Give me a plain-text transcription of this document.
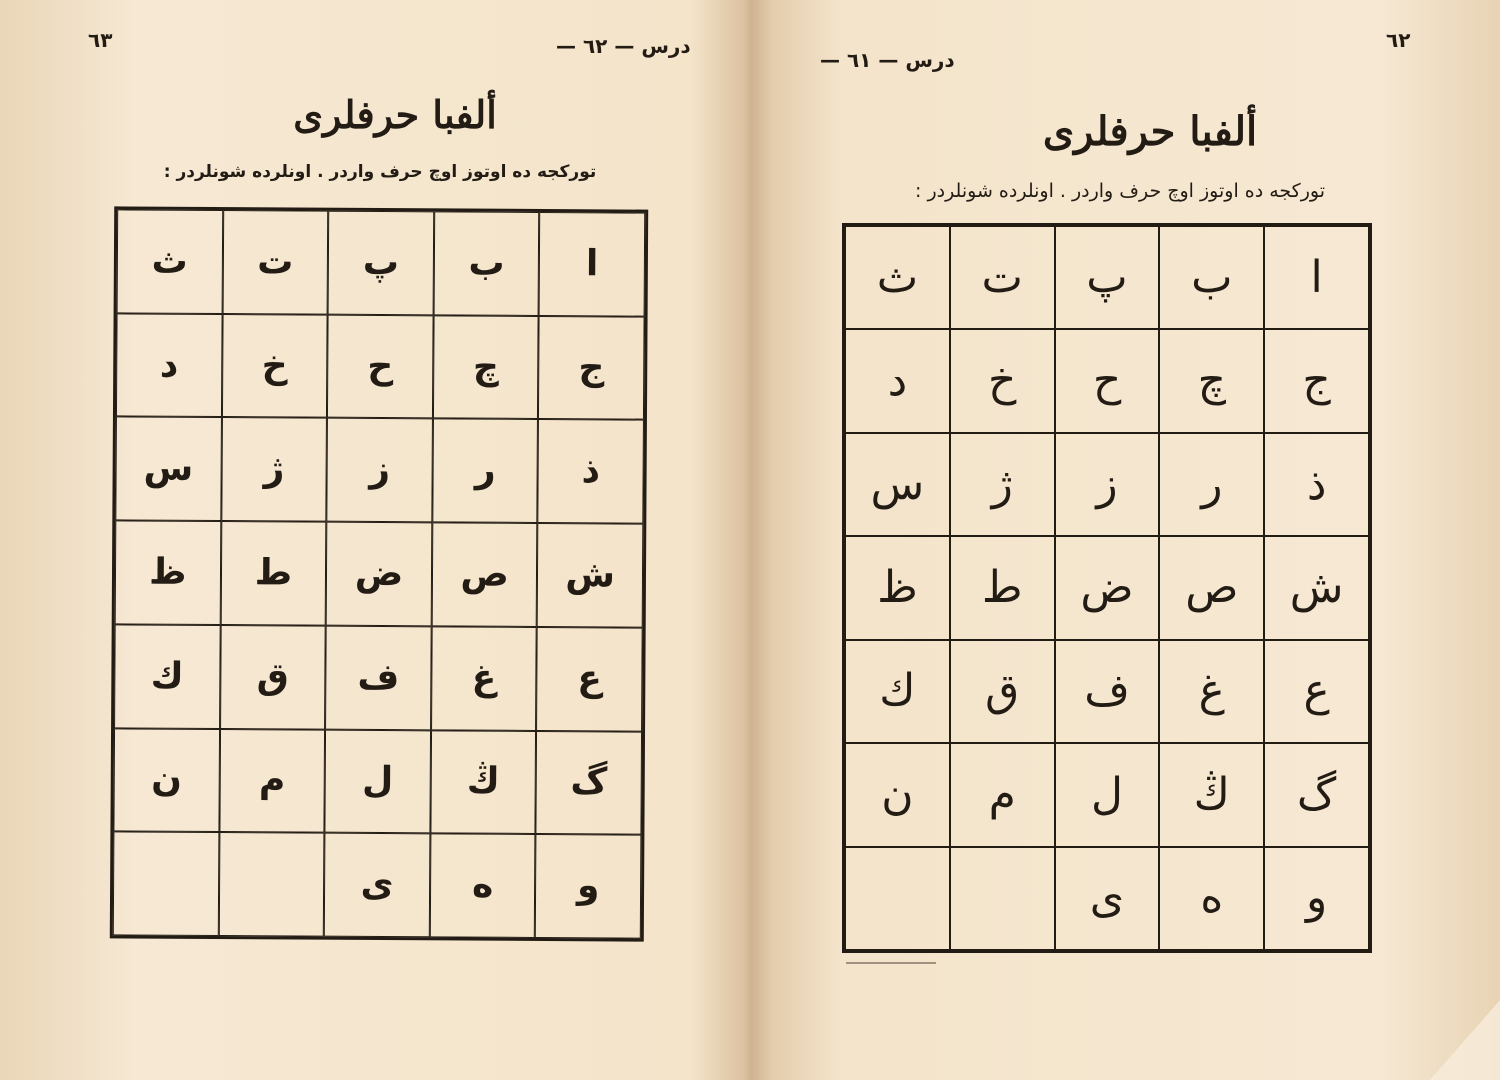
٦٣	درس — ٦٢ —
ألفبا حرفلری
تورکجه ده اوتوز اوچ حرف واردر . اونلرده شونلردر :
ا
ب
پ
ت
ث
ج
چ
ح
خ
د
ذ
ر
ز
ژ
س
ش
ص
ض
ط
ظ
ع
غ
ف
ق
ك
گ
ڭ
ل
م
ن
و
ه
ى
٦٢
درس — ٦١ —
ألفبا حرفلری
تورکجه ده اوتوز اوچ حرف واردر . اونلرده شونلردر :
ا
ب
پ
ت
ث
ج
چ
ح
خ
د
ذ
ر
ز
ژ
س
ش
ص
ض
ط
ظ
ع
غ
ف
ق
ك
گ
ڭ
ل
م
ن
و
ه
ى
